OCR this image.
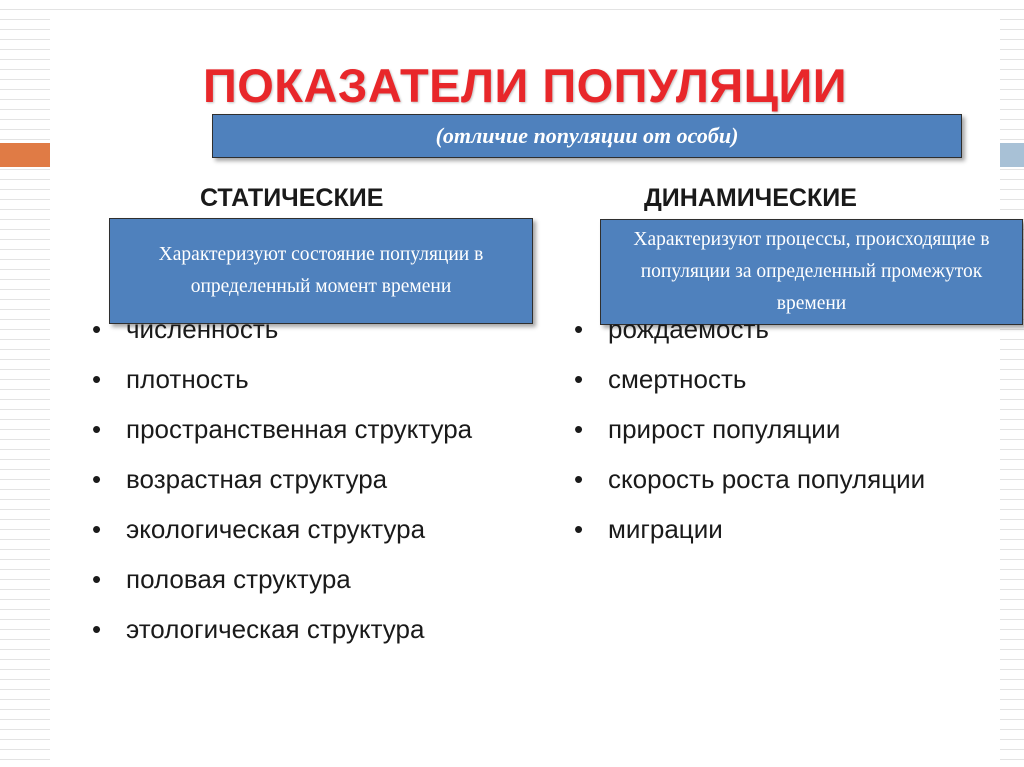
ПОКАЗАТЕЛИ ПОПУЛЯЦИИ
(отличие популяции от особи)
СТАТИЧЕСКИЕ	ДИНАМИЧЕСКИЕ
Характеризуют состояние популяции в определенный момент времени
Характеризуют процессы, происходящие в популяции за определенный промежуток времени
• численность
• плотность
• пространственная структура
• возрастная структура
• экологическая структура
• половая структура
• этологическая структура
• рождаемость
• смертность
• прирост популяции
• скорость роста популяции
• миграции
